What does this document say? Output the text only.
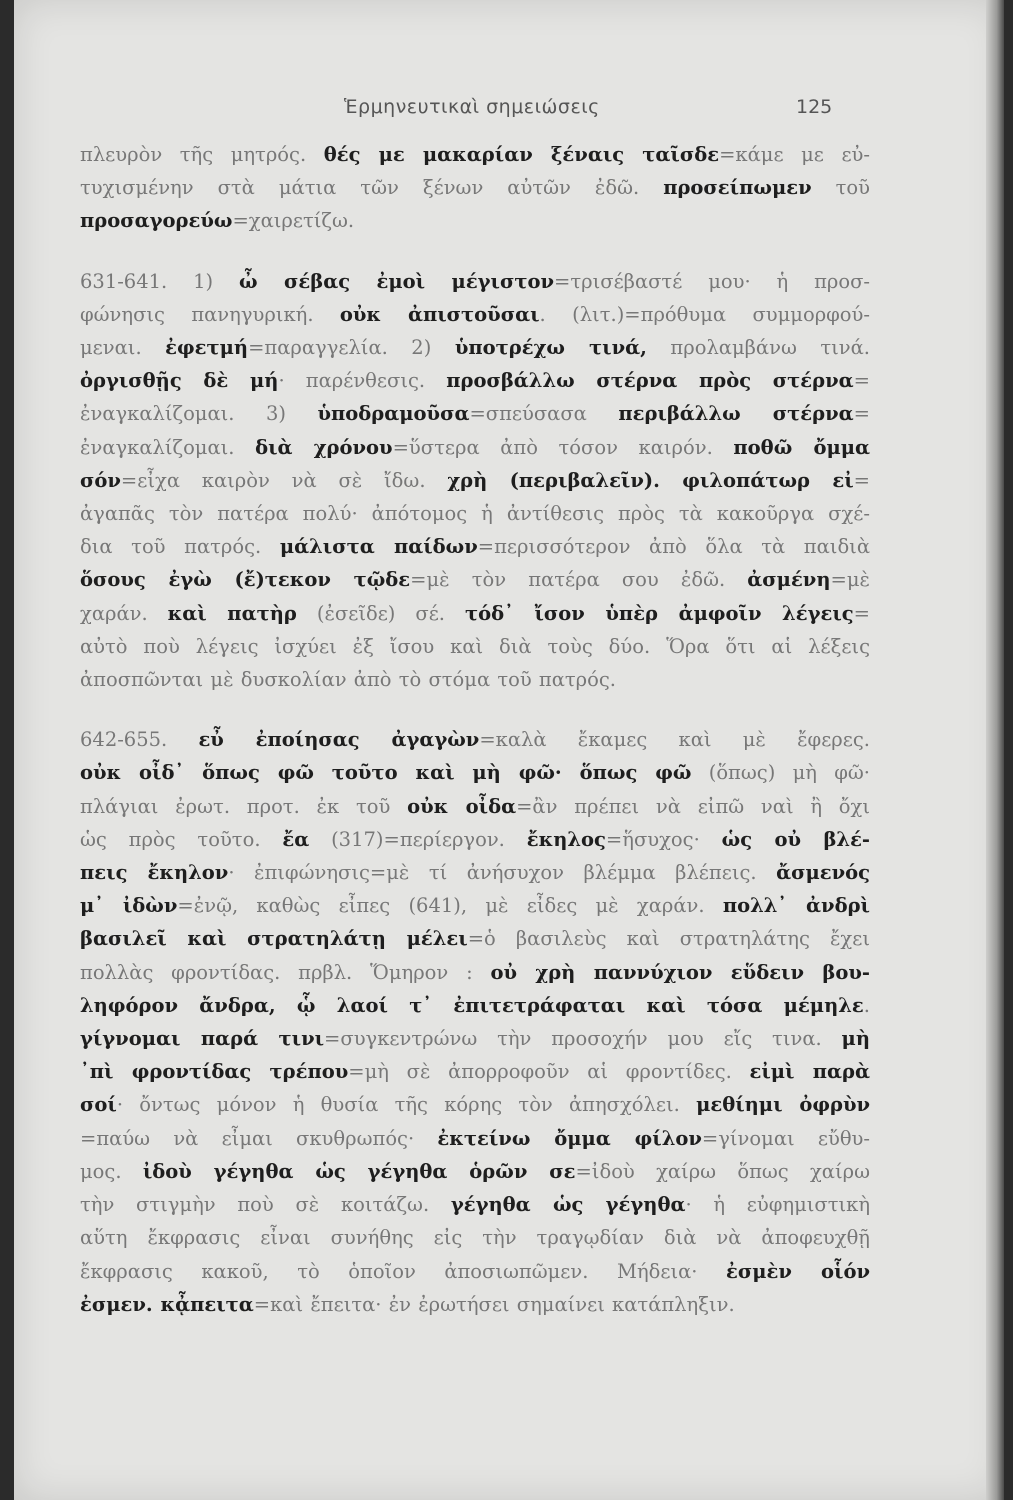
Ἑρμηνευτικαὶ σημειώσεις	125
πλευρὸν τῆς μητρός. θές με μακαρίαν ξέναις ταῖσδε=κάμε με εὐ-
τυχισμένην στὰ μάτια τῶν ξένων αὐτῶν ἐδῶ. προσείπωμεν τοῦ
προσαγορεύω=χαιρετίζω.
631-641. 1) ὦ σέβας ἐμοὶ μέγιστον=τρισέβαστέ μου· ἡ προσ-
φώνησις πανηγυρική. οὐκ ἀπιστοῦσαι. (λιτ.)=πρόθυμα συμμορφού-
μεναι. ἐφετμή=παραγγελία. 2) ὑποτρέχω τινά, προλαμβάνω τινά.
ὀργισθῇς δὲ μή· παρένθεσις. προσβάλλω στέρνα πρὸς στέρνα=
ἐναγκαλίζομαι. 3) ὑποδραμοῦσα=σπεύσασα περιβάλλω στέρνα=
ἐναγκαλίζομαι. διὰ χρόνου=ὕστερα ἀπὸ τόσον καιρόν. ποθῶ ὄμμα
σόν=εἶχα καιρὸν νὰ σὲ ἴδω. χρὴ (περιβαλεῖν). φιλοπάτωρ εἰ=
ἀγαπᾶς τὸν πατέρα πολύ· ἀπότομος ἡ ἀντίθεσις πρὸς τὰ κακοῦργα σχέ-
δια τοῦ πατρός. μάλιστα παίδων=περισσότερον ἀπὸ ὅλα τὰ παιδιὰ
ὅσους ἐγὼ (ἔ)τεκον τῷδε=μὲ τὸν πατέρα σου ἐδῶ. ἀσμένη=μὲ
χαράν. καὶ πατὴρ (ἐσεῖδε) σέ. τόδ᾽ ἴσον ὑπὲρ ἀμφοῖν λέγεις=
αὐτὸ ποὺ λέγεις ἰσχύει ἐξ ἴσου καὶ διὰ τοὺς δύο. Ὅρα ὅτι αἱ λέξεις
ἀποσπῶνται μὲ δυσκολίαν ἀπὸ τὸ στόμα τοῦ πατρός.
642-655. εὖ ἐποίησας ἀγαγὼν=καλὰ ἔκαμες καὶ μὲ ἔφερες.
οὐκ οἶδ᾽ ὅπως φῶ τοῦτο καὶ μὴ φῶ· ὅπως φῶ (ὅπως) μὴ φῶ·
πλάγιαι ἐρωτ. προτ. ἐκ τοῦ οὐκ οἶδα=ἂν πρέπει νὰ εἰπῶ ναὶ ἢ ὄχι
ὡς πρὸς τοῦτο. ἔα (317)=περίεργον. ἔκηλος=ἥσυχος· ὡς οὐ βλέ-
πεις ἔκηλον· ἐπιφώνησις=μὲ τί ἀνήσυχον βλέμμα βλέπεις. ἄσμενός
μ᾽ ἰδὼν=ἐνῷ, καθὼς εἶπες (641), μὲ εἶδες μὲ χαράν. πολλ᾽ ἀνδρὶ
βασιλεῖ καὶ στρατηλάτῃ μέλει=ὁ βασιλεὺς καὶ στρατηλάτης ἔχει
πολλὰς φροντίδας. πρβλ. Ὅμηρον : οὐ χρὴ παννύχιον εὕδειν βου-
ληφόρον ἄνδρα, ᾧ λαοί τ᾽ ἐπιτετράφαται καὶ τόσα μέμηλε.
γίγνομαι παρά τινι=συγκεντρώνω τὴν προσοχήν μου εἴς τινα. μὴ
᾽πὶ φροντίδας τρέπου=μὴ σὲ ἀπορροφοῦν αἱ φροντίδες. εἰμὶ παρὰ
σοί· ὄντως μόνον ἡ θυσία τῆς κόρης τὸν ἀπησχόλει. μεθίημι ὀφρὺν
=παύω νὰ εἶμαι σκυθρωπός· ἐκτείνω ὄμμα φίλον=γίνομαι εὔθυ-
μος. ἰδοὺ γέγηθα ὡς γέγηθα ὁρῶν σε=ἰδοὺ χαίρω ὅπως χαίρω
τὴν στιγμὴν ποὺ σὲ κοιτάζω. γέγηθα ὡς γέγηθα· ἡ εὐφημιστικὴ
αὕτη ἔκφρασις εἶναι συνήθης εἰς τὴν τραγῳδίαν διὰ νὰ ἀποφευχθῇ
ἔκφρασις κακοῦ, τὸ ὁποῖον ἀποσιωπῶμεν. Μήδεια· ἐσμὲν οἷόν
ἐσμεν. κᾆπειτα=καὶ ἔπειτα· ἐν ἐρωτήσει σημαίνει κατάπληξιν.
